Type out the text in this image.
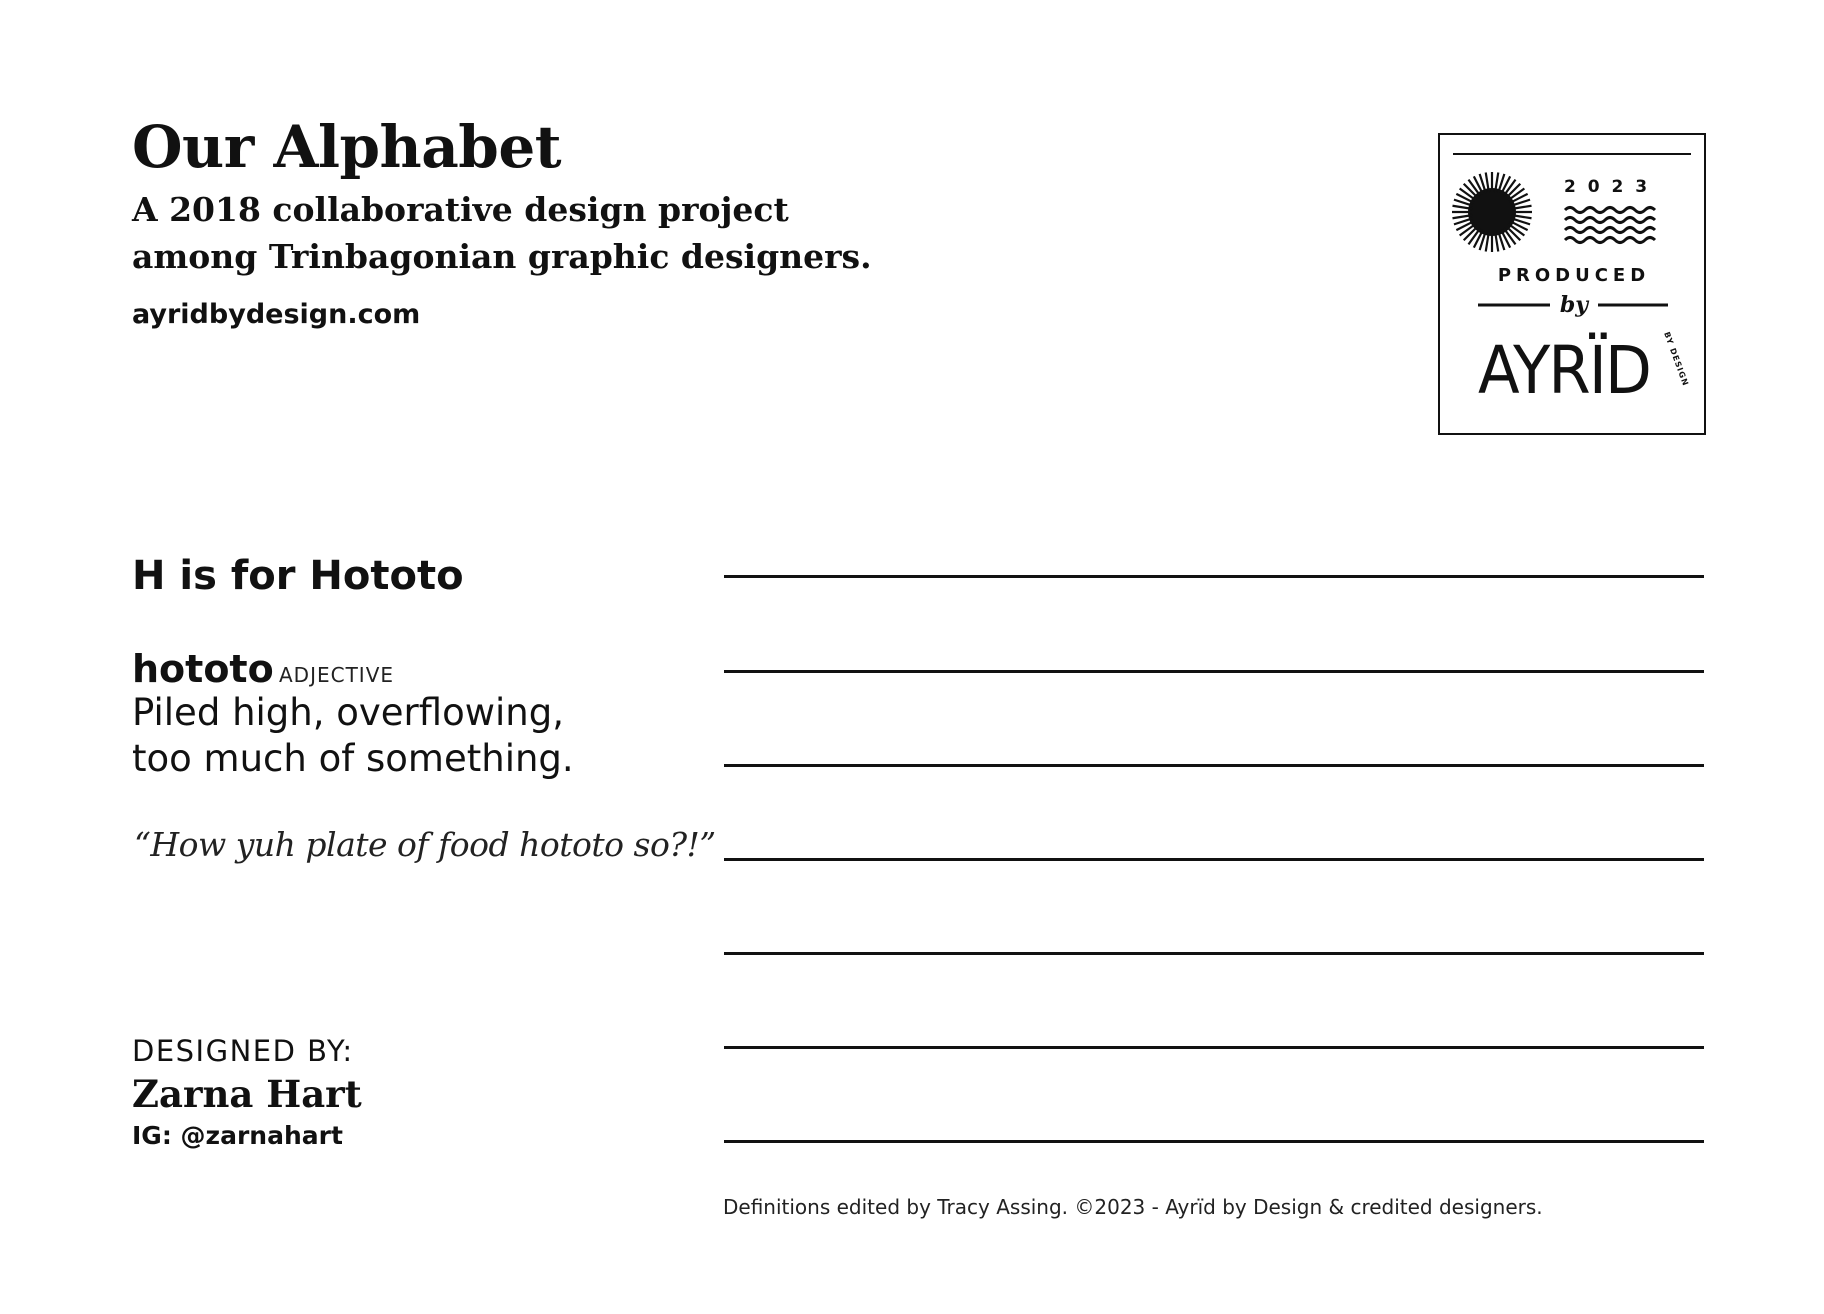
Our Alphabet
A 2018 collaborative design project
among Trinbagonian graphic designers.
ayridbydesign.com
2 0 2 3
PRODUCED
by
AYRÏD BY DESIGN
H is for Hototo
hototo ADJECTIVE
Piled high, overflowing,
too much of something.
“How yuh plate of food hototo so?!”
DESIGNED BY:
Zarna Hart
IG: @zarnahart
Definitions edited by Tracy Assing. ©2023 - Ayrïd by Design & credited designers.
